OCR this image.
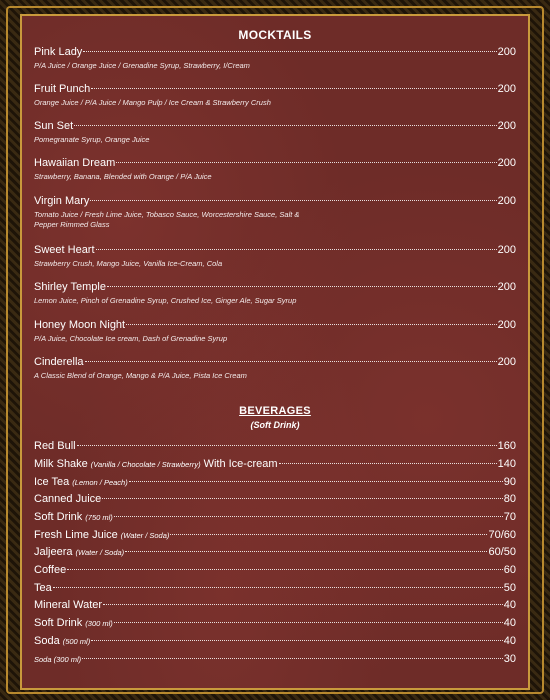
MOCKTAILS
Pink Lady	200
P/A Juice / Orange Juice / Grenadine Syrup, Strawberry, I/Cream
Fruit Punch	200
Orange Juice / P/A Juice / Mango Pulp / Ice Cream & Strawberry Crush
Sun Set	200
Pomegranate Syrup, Orange Juice
Hawaiian Dream	200
Strawberry, Banana, Blended with Orange / P/A Juice
Virgin Mary	200
Tomato Juice / Fresh Lime Juice, Tobasco Sauce, Worcestershire Sauce, Salt & Pepper Rimmed Glass
Sweet Heart	200
Strawberry Crush, Mango Juice, Vanilla Ice-Cream, Cola
Shirley Temple	200
Lemon Juice, Pinch of Grenadine Syrup, Crushed Ice, Ginger Ale, Sugar Syrup
Honey Moon Night	200
P/A Juice, Chocolate Ice cream, Dash of Grenadine Syrup
Cinderella	200
A Classic Blend of Orange, Mango & P/A Juice, Pista Ice Cream
BEVERAGES
(Soft Drink)
Red Bull	160
Milk Shake (Vanilla / Chocolate / Strawberry) With Ice-cream	140
Ice Tea (Lemon / Peach)	90
Canned Juice	80
Soft Drink (750 ml)	70
Fresh Lime Juice (Water / Soda)	70/60
Jaljeera (Water / Soda)	60/50
Coffee	60
Tea	50
Mineral Water	40
Soft Drink (300 ml)	40
Soda (500 ml)	40
Soda (300 ml)	30
